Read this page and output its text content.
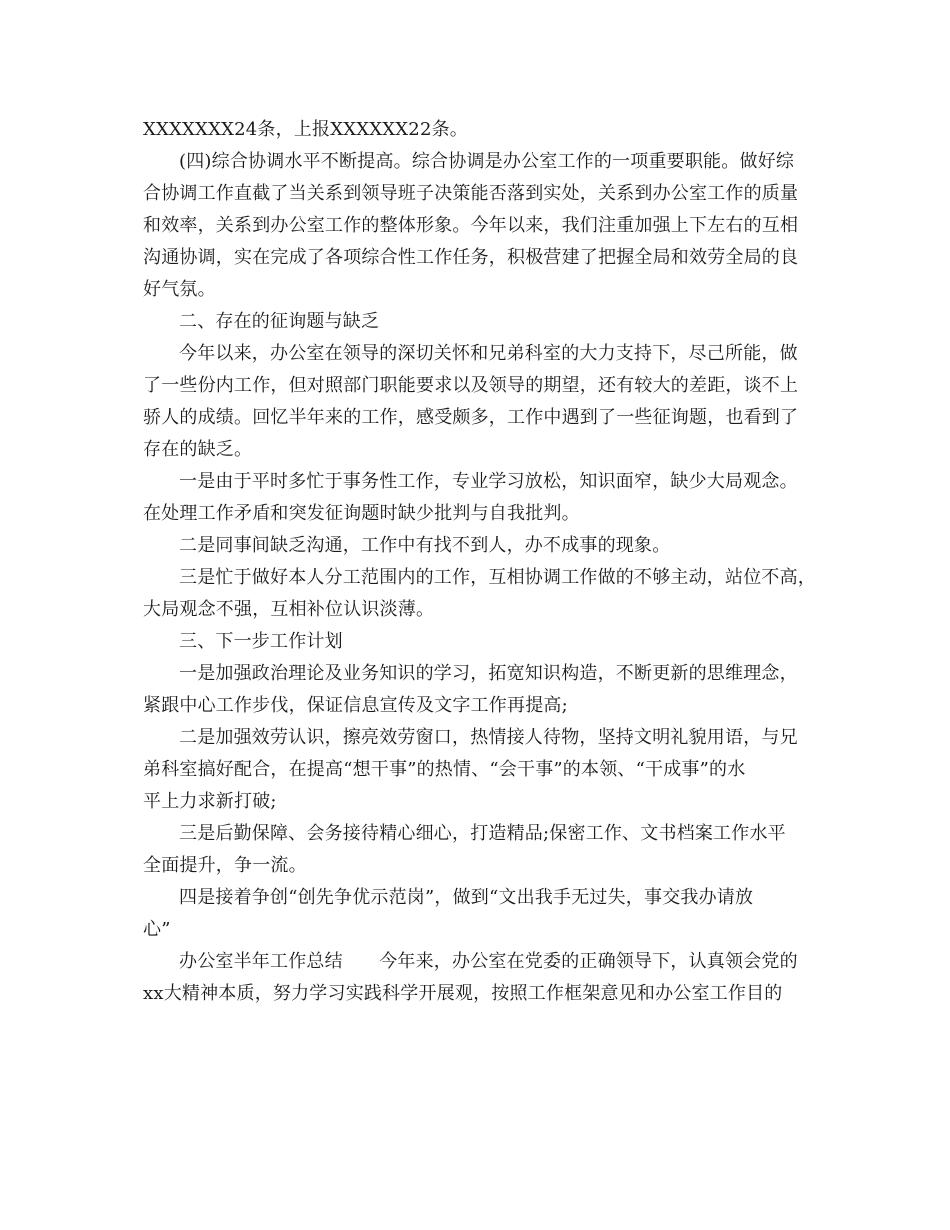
XXXXXXX24条，上报XXXXXX22条。
(四)综合协调水平不断提高。综合协调是办公室工作的一项重要职能。做好综
合协调工作直截了当关系到领导班子决策能否落到实处，关系到办公室工作的质量
和效率，关系到办公室工作的整体形象。今年以来，我们注重加强上下左右的互相
沟通协调，实在完成了各项综合性工作任务，积极营建了把握全局和效劳全局的良
好气氛。
二、存在的征询题与缺乏
今年以来，办公室在领导的深切关怀和兄弟科室的大力支持下，尽己所能，做
了一些份内工作，但对照部门职能要求以及领导的期望，还有较大的差距，谈不上
骄人的成绩。回忆半年来的工作，感受颇多，工作中遇到了一些征询题，也看到了
存在的缺乏。
一是由于平时多忙于事务性工作，专业学习放松，知识面窄，缺少大局观念。
在处理工作矛盾和突发征询题时缺少批判与自我批判。
二是同事间缺乏沟通，工作中有找不到人，办不成事的现象。
三是忙于做好本人分工范围内的工作，互相协调工作做的不够主动，站位不高，
大局观念不强，互相补位认识淡薄。
三、下一步工作计划
一是加强政治理论及业务知识的学习，拓宽知识构造，不断更新的思维理念，
紧跟中心工作步伐，保证信息宣传及文字工作再提高;
二是加强效劳认识，擦亮效劳窗口，热情接人待物，坚持文明礼貌用语，与兄
弟科室搞好配合，在提高“想干事”的热情、“会干事”的本领、“干成事”的水
平上力求新打破;
三是后勤保障、会务接待精心细心，打造精品;保密工作、文书档案工作水平
全面提升，争一流。
四是接着争创“创先争优示范岗”，做到“文出我手无过失，事交我办请放
心”
办公室半年工作总结　　今年来，办公室在党委的正确领导下，认真领会党的
xx大精神本质，努力学习实践科学开展观，按照工作框架意见和办公室工作目的
